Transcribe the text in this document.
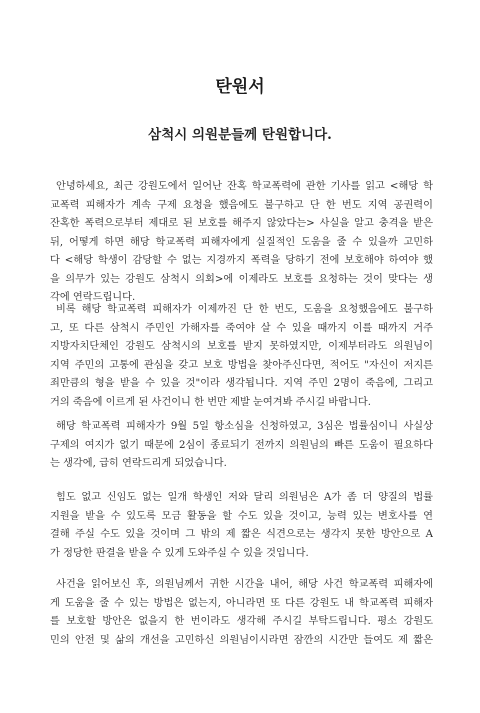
탄원서
삼척시 의원분들께 탄원합니다.
안녕하세요, 최근 강원도에서 일어난 잔혹 학교폭력에 관한 기사를 읽고 <해당 학
교폭력 피해자가 계속 구제 요청을 했음에도 불구하고 단 한 번도 지역 공권력이
잔혹한 폭력으로부터 제대로 된 보호를 해주지 않았다는> 사실을 알고 충격을 받은
뒤, 어떻게 하면 해당 학교폭력 피해자에게 실질적인 도움을 줄 수 있을까 고민하
다 <해당 학생이 감당할 수 없는 지경까지 폭력을 당하기 전에 보호해야 하여야 했
을 의무가 있는 강원도 삼척시 의회>에 이제라도 보호를 요청하는 것이 맞다는 생
각에 연락드립니다.
비록 해당 학교폭력 피해자가 이제까진 단 한 번도, 도움을 요청했음에도 불구하
고, 또 다른 삼척시 주민인 가해자를 죽여야 살 수 있을 때까지 이를 때까지 거주
지방자치단체인 강원도 삼척시의 보호를 받지 못하였지만, 이제부터라도 의원님이
지역 주민의 고통에 관심을 갖고 보호 방법을 찾아주신다면, 적어도 "자신이 저지른
죄만큼의 형을 받을 수 있을 것"이라 생각됩니다. 지역 주민 2명이 죽음에, 그리고
거의 죽음에 이르게 된 사건이니 한 번만 제발 눈여겨봐 주시길 바랍니다.
해당 학교폭력 피해자가 9월 5일 항소심을 신청하였고, 3심은 법률심이니 사실상
구제의 여지가 없기 때문에 2심이 종료되기 전까지 의원님의 빠른 도움이 필요하다
는 생각에, 급히 연락드리게 되었습니다.
힘도 없고 신임도 없는 일개 학생인 저와 달리 의원님은 A가 좀 더 양질의 법률
지원을 받을 수 있도록 모금 활동을 할 수도 있을 것이고, 능력 있는 변호사를 연
결해 주실 수도 있을 것이며 그 밖의 제 짧은 식견으로는 생각지 못한 방안으로 A
가 정당한 판결을 받을 수 있게 도와주실 수 있을 것입니다.
사건을 읽어보신 후, 의원님께서 귀한 시간을 내어, 해당 사건 학교폭력 피해자에
게 도움을 줄 수 있는 방법은 없는지, 아니라면 또 다른 강원도 내 학교폭력 피해자
를 보호할 방안은 없을지 한 번이라도 생각해 주시길 부탁드립니다. 평소 강원도
민의 안전 및 삶의 개선을 고민하신 의원님이시라면 잠깐의 시간만 들여도 제 짧은
